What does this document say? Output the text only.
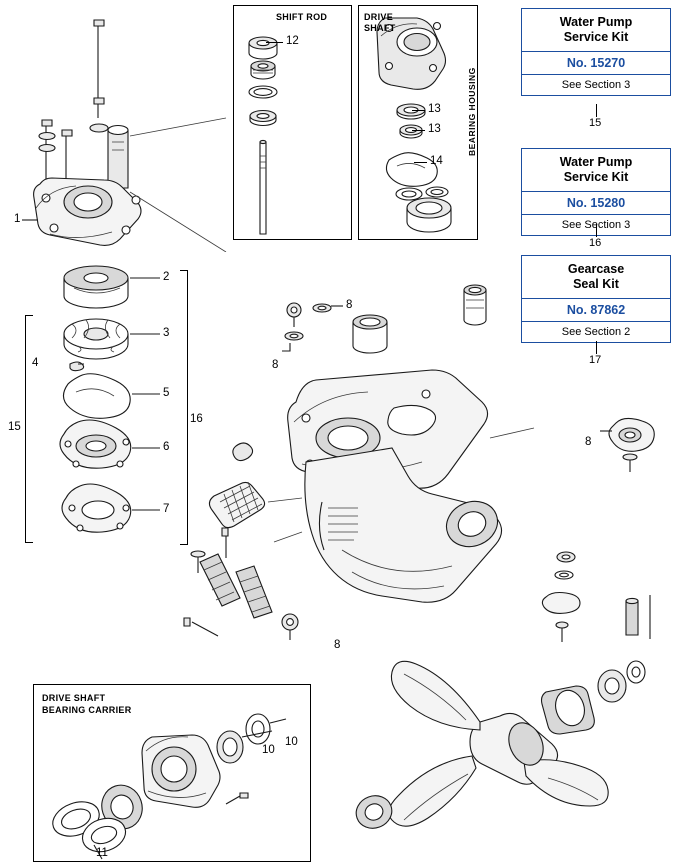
SHIFT ROD
12
DRIVE
SHAFT
BEARING HOUSING
13
13
14
Water Pump
Service Kit
No. 15270
See Section 3
15
Water Pump
Service Kit
No. 15280
See Section 3
16
Gearcase
Seal Kit
No. 87862
See Section 2
17
1
2
3
4
5
6
7
15
16
8
8
8
8
DRIVE SHAFT
BEARING CARRIER
10
10
11
